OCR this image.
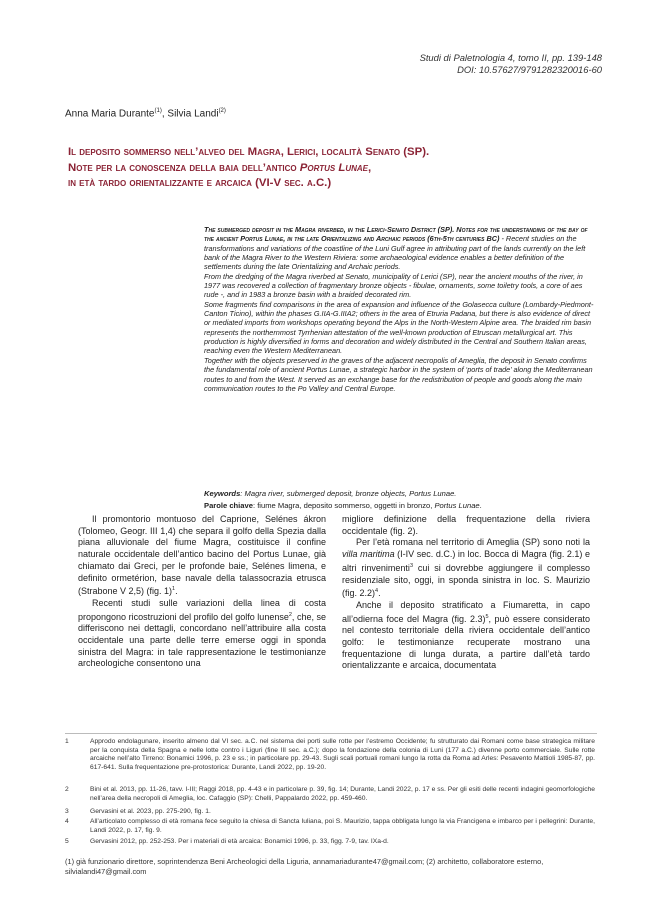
Studi di Paletnologia 4, tomo II, pp. 139-148
DOI: 10.57627/9791282320016-60
Anna Maria Durante$^{(1)}$, Silvia Landi$^{(2)}$
Il deposito sommerso nell’alveo del Magra, Lerici, località Senato (SP).
Note per la conoscenza della baia dell’antico Portus Lunae,
in età tardo orientalizzante e arcaica (VI-V sec. a.C.)

The submerged deposit in the Magra riverbed, in the Lerici-Senato District (SP). Notes for the understanding of the bay of the ancient Portus Lunae, in the late Orientalizing and Archaic periods (6th-5th centuries BC) - Recent studies on the transformations and variations of the coastline of the Luni Gulf agree in attributing part of the lands currently on the left bank of the Magra River to the Western Riviera: some archaeological evidence enables a better definition of the settlements during the late Orientalizing and Archaic periods.

From the dredging of the Magra riverbed at Senato, municipality of Lerici (SP), near the ancient mouths of the river, in 1977 was recovered a collection of fragmentary bronze objects - fibulae, ornaments, some toiletry tools, a core of aes rude -, and in 1983 a bronze basin with a braided decorated rim.

Some fragments find comparisons in the area of expansion and influence of the Golasecca culture (Lombardy-Piedmont-Canton Ticino), within the phases G.IIA-G.IIIA2; others in the area of Etruria Padana, but there is also evidence of direct or mediated imports from workshops operating beyond the Alps in the North-Western Alpine area. The braided rim basin represents the northernmost Tyrrhenian attestation of the well-known production of Etruscan metallurgical art. This production is highly diversified in forms and decoration and widely distributed in the Central and Southern Italian areas, reaching even the Western Mediterranean.

Together with the objects preserved in the graves of the adjacent necropolis of Ameglia, the deposit in Senato confirms the fundamental role of ancient Portus Lunae, a strategic harbor in the system of ‘ports of trade’ along the Mediterranean routes to and from the West. It served as an exchange base for the redistribution of people and goods along the main communication routes to the Po Valley and Central Europe.

Keywords: Magra river, submerged deposit, bronze objects, Portus Lunae.
Parole chiave: fiume Magra, deposito sommerso, oggetti in bronzo, Portus Lunae.

Il promontorio montuoso del Caprione, Selénes ákron (Tolomeo, Geogr. III 1,4) che separa il golfo della Spezia dalla piana alluvionale del fiume Magra, costituisce il confine naturale occidentale dell’antico bacino del Portus Lunae, già chiamato dai Greci, per le profonde baie, Selénes limena, e definito ormetérion, base navale della talassocrazia etrusca (Strabone V 2,5) (fig. 1)$^1$.

Recenti studi sulle variazioni della linea di costa propongono ricostruzioni del profilo del golfo lunense$^2$, che, se differiscono nei dettagli, concordano nell’attribuire alla costa occidentale una parte delle terre emerse oggi in sponda sinistra del Magra: in tale rappresentazione le testimonianze archeologiche consentono una

migliore definizione della frequentazione della riviera occidentale (fig. 2).

Per l’età romana nel territorio di Ameglia (SP) sono noti la villa maritima (I-IV sec. d.C.) in loc. Bocca di Magra (fig. 2.1) e altri rinvenimenti$^3$ cui si dovrebbe aggiungere il complesso residenziale sito, oggi, in sponda sinistra in loc. S. Maurizio (fig. 2.2)$^4$.

Anche il deposito stratificato a Fiumaretta, in capo all’odierna foce del Magra (fig. 2.3)$^5$, può essere considerato nel contesto territoriale della riviera occidentale dell’antico golfo: le testimonianze recuperate mostrano una frequentazione di lunga durata, a partire dall’età tardo orientalizzante e arcaica, documentata

1	Approdo endolagunare, inserito almeno dal VI sec. a.C. nel sistema dei porti sulle rotte per l’estremo Occidente; fu strutturato dai Romani come base strategica militare per la conquista della Spagna e nelle lotte contro i Liguri (fine III sec. a.C.); dopo la fondazione della colonia di Luni (177 a.C.) divenne porto commerciale. Sulle rotte arcaiche nell’alto Tirreno: Bonamici 1996, p. 23 e ss.; in particolare pp. 29-43. Sugli scali portuali romani lungo la rotta da Roma ad Arles: Pesavento Mattioli 1985-87, pp. 617-641. Sulla frequentazione pre-protostorica: Durante, Landi 2022, pp. 19-20.
2	Bini et al. 2013, pp. 11-26, tavv. I-III; Raggi 2018, pp. 4-43 e in particolare p. 39, fig. 14; Durante, Landi 2022, p. 17 e ss. Per gli esiti delle recenti indagini geomorfologiche nell’area della necropoli di Ameglia, loc. Cafaggio (SP): Chelli, Pappalardo 2022, pp. 459-460.
3	Gervasini et al. 2023, pp. 275-290, fig. 1.
4	All’articolato complesso di età romana fece seguito la chiesa di Sancta Iuliana, poi S. Maurizio, tappa obbligata lungo la via Francigena e imbarco per i pellegrini: Durante, Landi 2022, p. 17, fig. 9.
5	Gervasini 2012, pp. 252-253. Per i materiali di età arcaica: Bonamici 1996, p. 33, figg. 7-9, tav. IXa-d.
(1) già funzionario direttore, soprintendenza Beni Archeologici della Liguria, annamariadurante47@gmail.com; (2) architetto, collaboratore esterno, silvialandi47@gmail.com
